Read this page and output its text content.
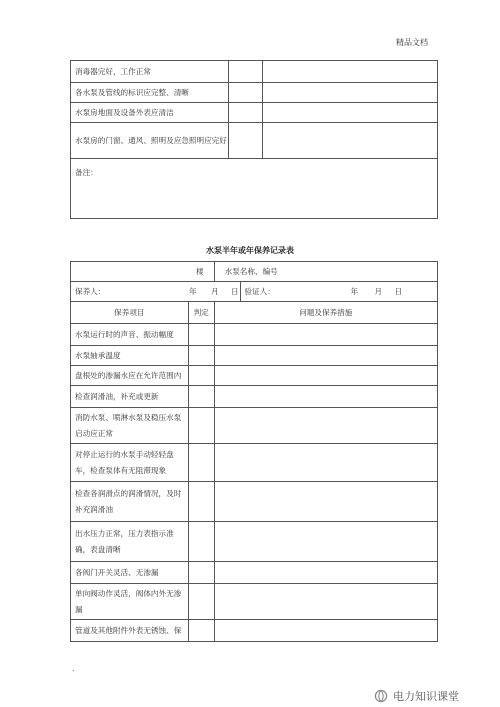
精品文档
消毒器完好，工作正常		
各水泵及管线的标识应完整、清晰		
水泵房地面及设备外表应清洁		
水泵房的门窗、通风、照明及应急照明应完好		
备注：		
水泵半年或年保养记录表
楼		水泵名称、编号	
保养人： 年 月 日			验证人： 年 月 日

保养项目	判定	问题及保养措施	
水泵运行时的声音、振动幅度			
水泵轴承温度			
盘根处的渗漏水应在允许范围内			
检查润滑油，补充或更新			
消防水泵、喷淋水泵及稳压水泵启动应正常			
对停止运行的水泵手动轻轻盘车，检查泵体有无阻滞现象			
检查各润滑点的润滑情况，及时补充润滑油			
出水压力正常，压力表指示准确，表盘清晰			
各阀门开关灵活、无渗漏			
单向阀动作灵活，阀体内外无渗漏			
管道及其他附件外表无锈蚀、保			
.
电力知识课堂
